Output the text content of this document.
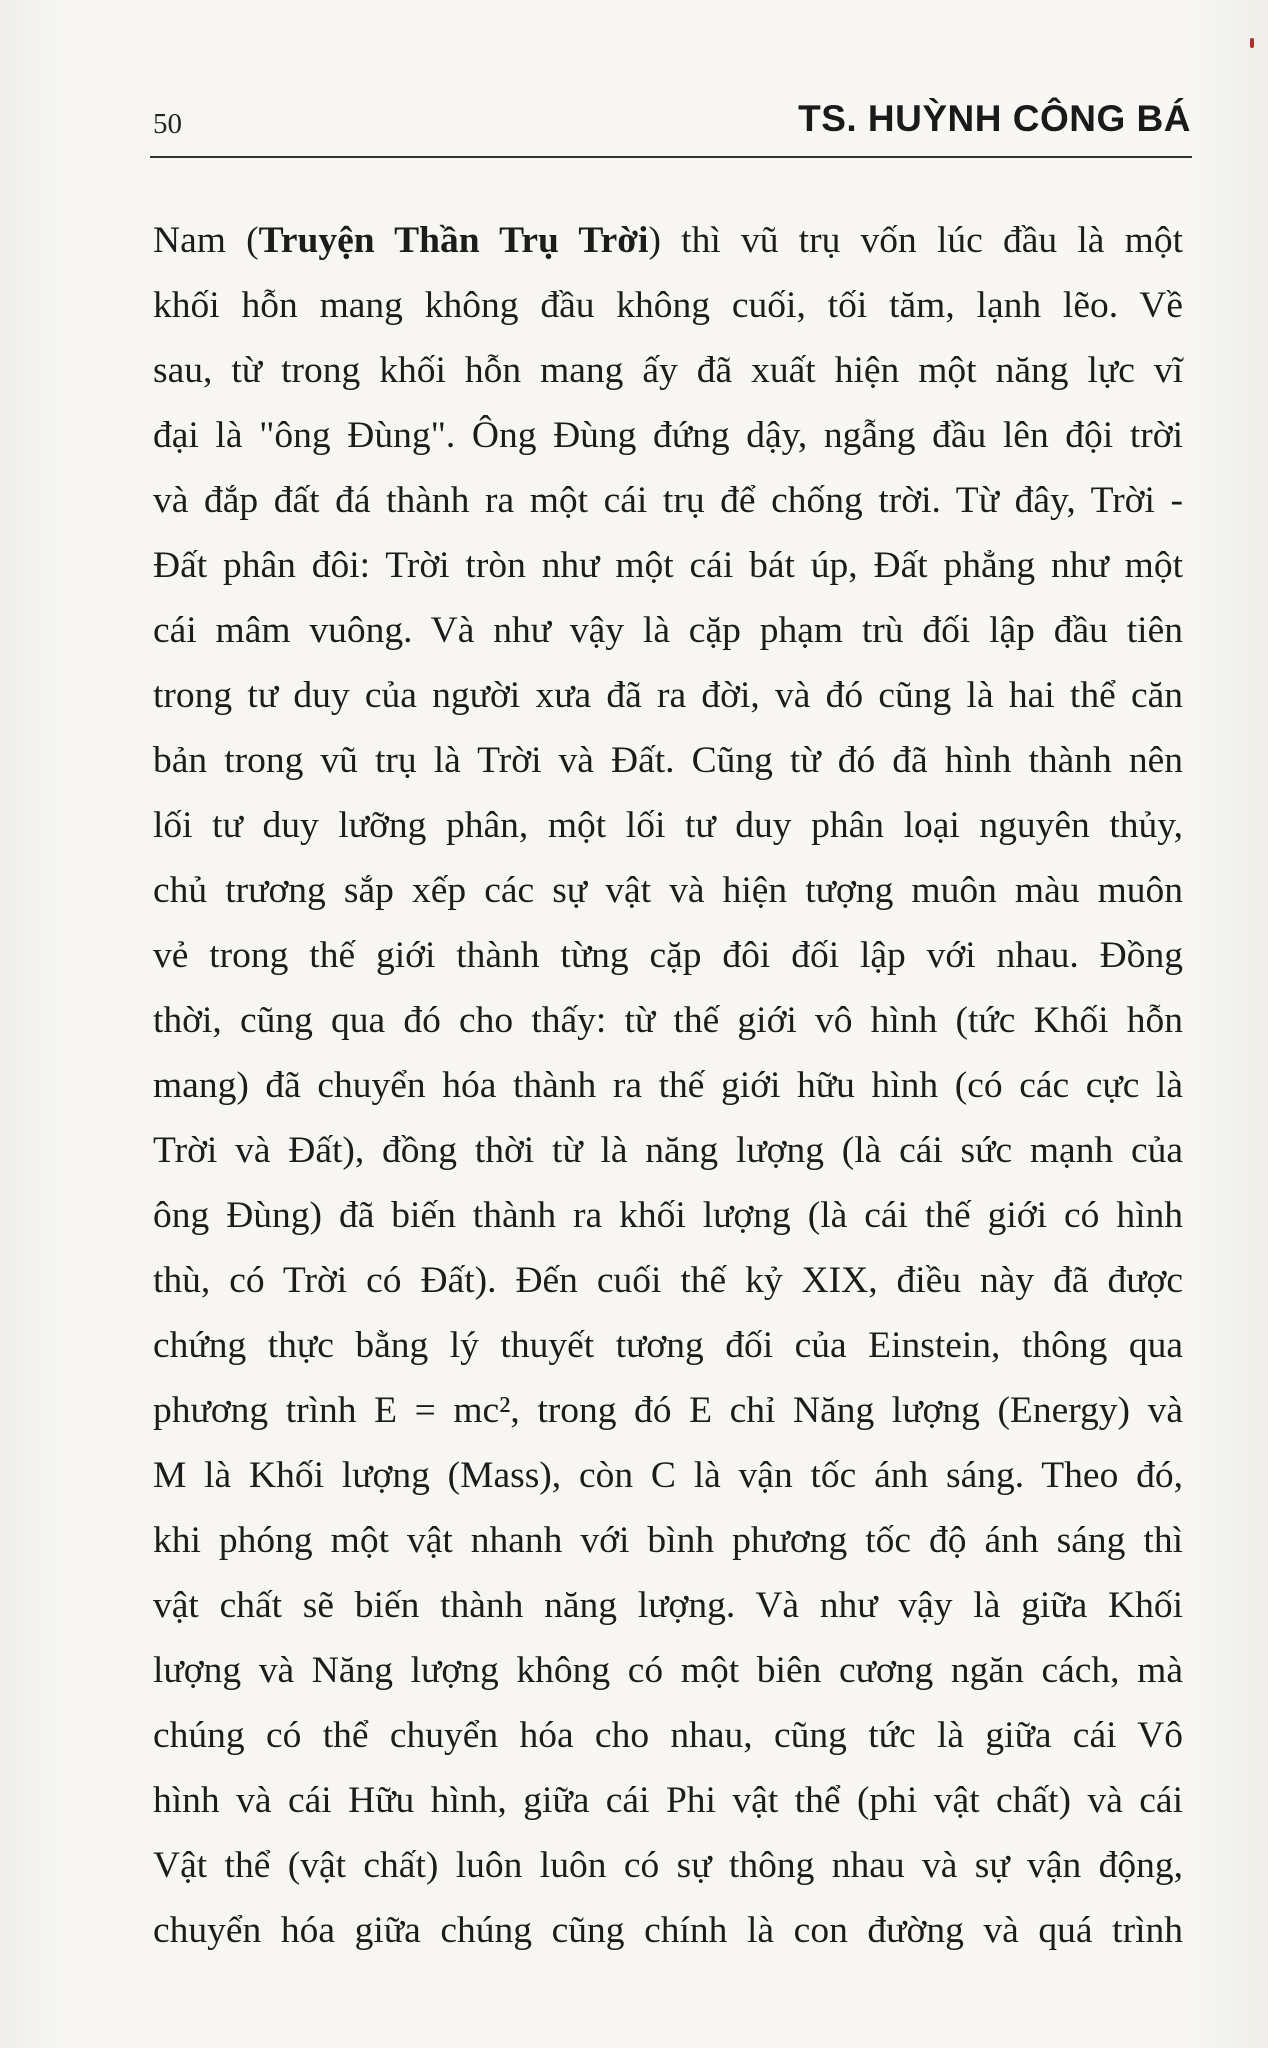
50	TS. HUỲNH CÔNG BÁ
Nam (Truyện Thần Trụ Trời) thì vũ trụ vốn lúc đầu là một
khối hỗn mang không đầu không cuối, tối tăm, lạnh lẽo. Về
sau, từ trong khối hỗn mang ấy đã xuất hiện một năng lực vĩ
đại là "ông Đùng". Ông Đùng đứng dậy, ngẫng đầu lên đội trời
và đắp đất đá thành ra một cái trụ để chống trời. Từ đây, Trời -
Đất phân đôi: Trời tròn như một cái bát úp, Đất phẳng như một
cái mâm vuông. Và như vậy là cặp phạm trù đối lập đầu tiên
trong tư duy của người xưa đã ra đời, và đó cũng là hai thể căn
bản trong vũ trụ là Trời và Đất. Cũng từ đó đã hình thành nên
lối tư duy lưỡng phân, một lối tư duy phân loại nguyên thủy,
chủ trương sắp xếp các sự vật và hiện tượng muôn màu muôn
vẻ trong thế giới thành từng cặp đôi đối lập với nhau. Đồng
thời, cũng qua đó cho thấy: từ thế giới vô hình (tức Khối hỗn
mang) đã chuyển hóa thành ra thế giới hữu hình (có các cực là
Trời và Đất), đồng thời từ là năng lượng (là cái sức mạnh của
ông Đùng) đã biến thành ra khối lượng (là cái thế giới có hình
thù, có Trời có Đất). Đến cuối thế kỷ XIX, điều này đã được
chứng thực bằng lý thuyết tương đối của Einstein, thông qua
phương trình E = mc², trong đó E chỉ Năng lượng (Energy) và
M là Khối lượng (Mass), còn C là vận tốc ánh sáng. Theo đó,
khi phóng một vật nhanh với bình phương tốc độ ánh sáng thì
vật chất sẽ biến thành năng lượng. Và như vậy là giữa Khối
lượng và Năng lượng không có một biên cương ngăn cách, mà
chúng có thể chuyển hóa cho nhau, cũng tức là giữa cái Vô
hình và cái Hữu hình, giữa cái Phi vật thể (phi vật chất) và cái
Vật thể (vật chất) luôn luôn có sự thông nhau và sự vận động,
chuyển hóa giữa chúng cũng chính là con đường và quá trình
